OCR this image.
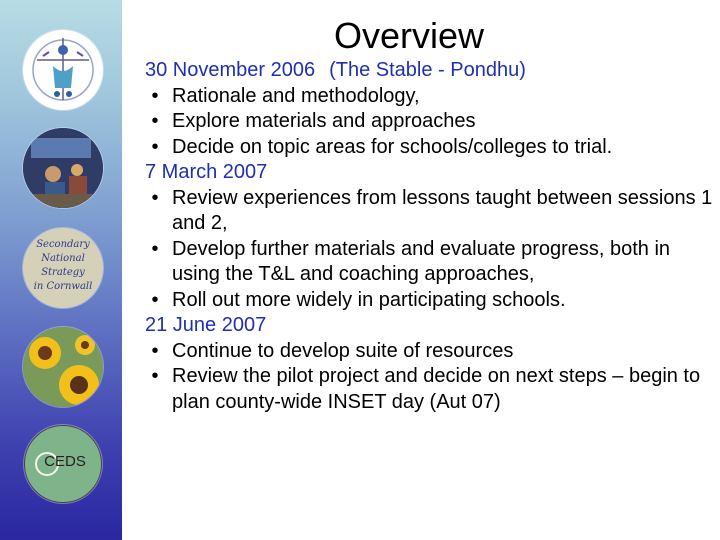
Secondary
National
Strategy
in Cornwall
CEDS
Overview
30 November 2006 (The Stable - Pondhu)
• Rationale and methodology,
• Explore materials and approaches
• Decide on topic areas for schools/colleges to trial.
7 March 2007
• Review experiences from lessons taught between sessions 1 and 2,
• Develop further materials and evaluate progress, both in using the T&L and coaching approaches,
• Roll out more widely in participating schools.
21 June 2007
• Continue to develop suite of resources
• Review the pilot project and decide on next steps – begin to plan county-wide INSET day (Aut 07)
